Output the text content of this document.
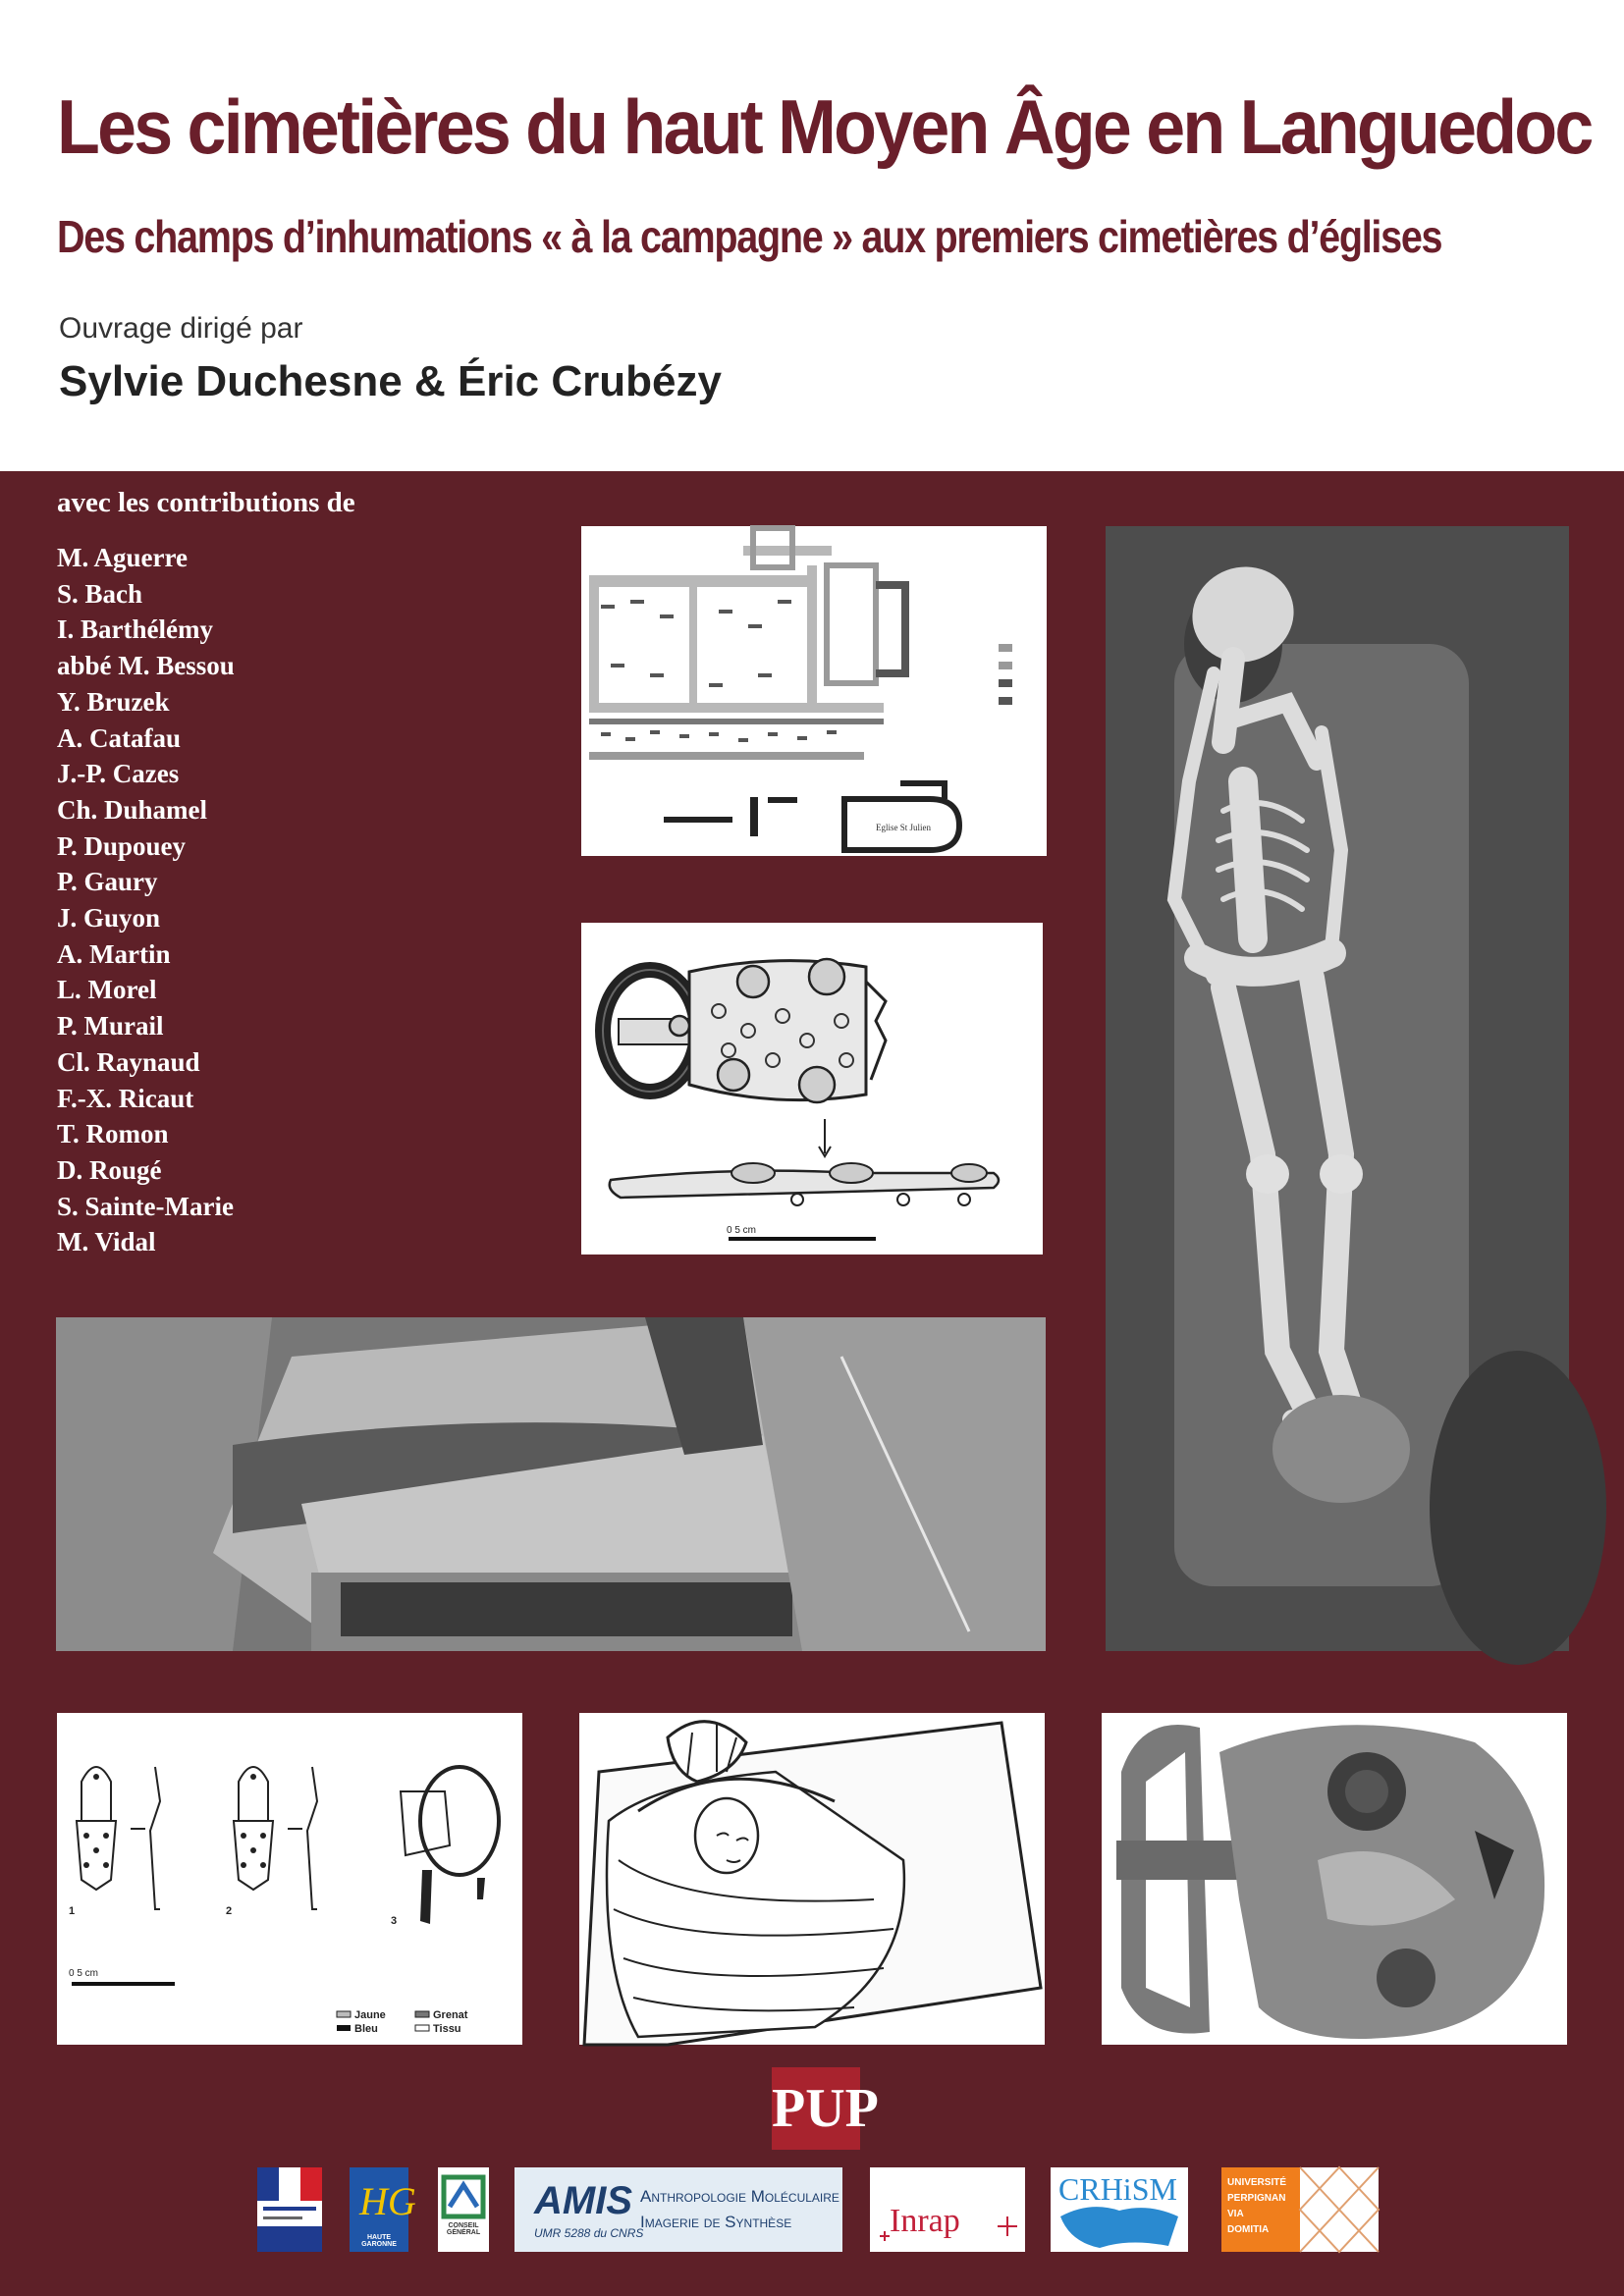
Les cimetières du haut Moyen Âge en Languedoc
Des champs d’inhumations « à la campagne » aux premiers cimetières d’églises
Ouvrage dirigé par
Sylvie Duchesne & Éric Crubézy
avec les contributions de
M. Aguerre
S. Bach
I. Barthélémy
abbé M. Bessou
Y. Bruzek
A. Catafau
J.-P. Cazes
Ch. Duhamel
P. Dupouey
P. Gaury
J. Guyon
A. Martin
L. Morel
P. Murail
Cl. Raynaud
F.-X. Ricaut
T. Romon
D. Rougé
S. Sainte-Marie
M. Vidal
Eglise St Julien
0 5 cm
1	2
3
0 5 cm
Jaune	Grenat
Bleu	Tissu
PUP
HG
HAUTE GARONNE
CONSEIL GÉNÉRAL
AMIS
UMR 5288 du CNRS
Anthropologie Moléculaire
Imagerie de Synthèse	Inrap
CRHiSM	UNIVERSITÉ
PERPIGNAN
VIA
DOMITIA
